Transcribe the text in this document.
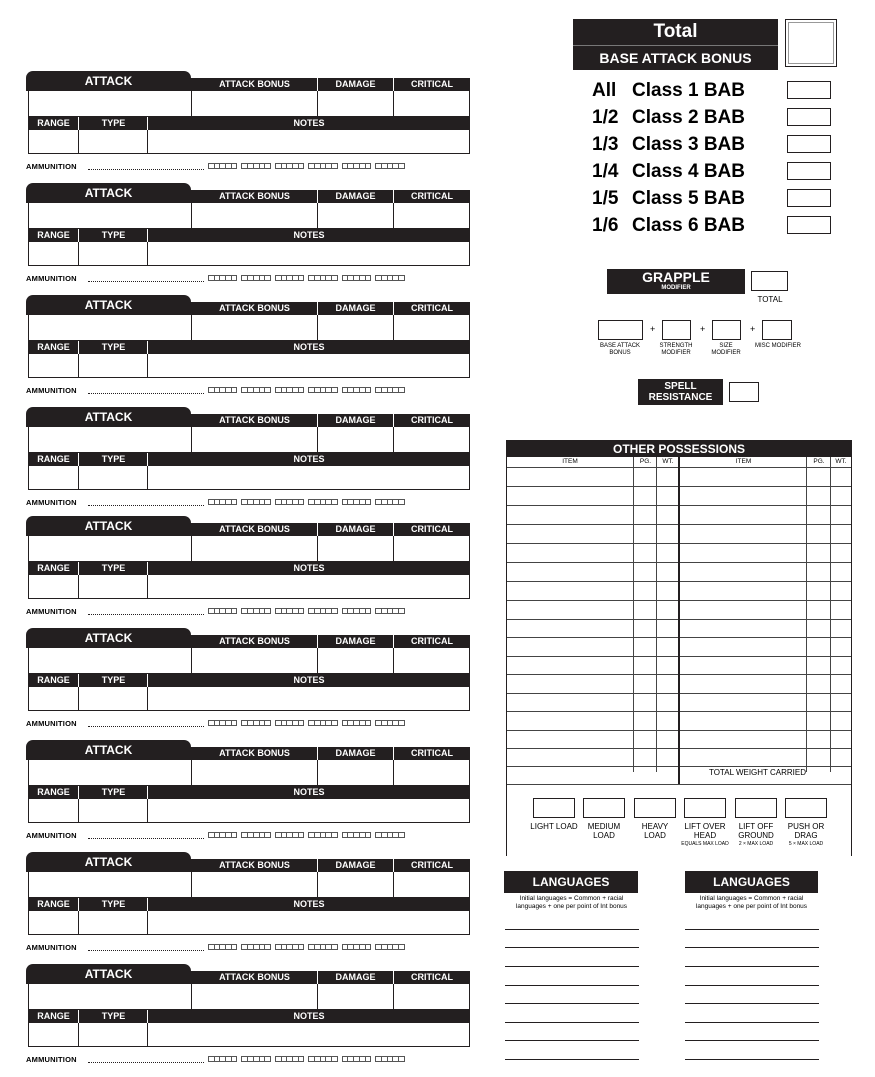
ATTACK	ATTACK BONUS	DAMAGE	CRITICAL
RANGE	TYPE	NOTES
AMMUNITION
ATTACK	ATTACK BONUS	DAMAGE	CRITICAL
RANGE	TYPE	NOTES
AMMUNITION
ATTACK	ATTACK BONUS	DAMAGE	CRITICAL
RANGE	TYPE	NOTES
AMMUNITION
ATTACK	ATTACK BONUS	DAMAGE	CRITICAL
RANGE	TYPE	NOTES
AMMUNITION
ATTACK	ATTACK BONUS	DAMAGE	CRITICAL
RANGE	TYPE	NOTES
AMMUNITION
ATTACK	ATTACK BONUS	DAMAGE	CRITICAL
RANGE	TYPE	NOTES
AMMUNITION
ATTACK	ATTACK BONUS	DAMAGE	CRITICAL
RANGE	TYPE	NOTES
AMMUNITION
ATTACK	ATTACK BONUS	DAMAGE	CRITICAL
RANGE	TYPE	NOTES
AMMUNITION
ATTACK	ATTACK BONUS	DAMAGE	CRITICAL
RANGE	TYPE	NOTES
AMMUNITION
Total
BASE ATTACK BONUS
All Class 1 BAB
1/2 Class 2 BAB
1/3 Class 3 BAB
1/4 Class 4 BAB
1/5 Class 5 BAB
1/6 Class 6 BAB
GRAPPLE
MODIFIER
TOTAL
+	+	+
BASE ATTACK BONUS
STRENGTH MODIFIER
SIZE MODIFIER
MISC MODIFIER
SPELL
RESISTANCE
OTHER POSSESSIONS
ITEM	PG.	WT.	ITEM	PG.	WT.
TOTAL WEIGHT CARRIED
LIGHT LOAD	MEDIUM LOAD
HEAVY LOAD
LIFT OVER HEAD
EQUALS MAX LOAD
LIFT OFF GROUND
2 × MAX LOAD
PUSH OR DRAG
5 × MAX LOAD
LANGUAGES
Initial languages = Common + racial languages + one per point of Int bonus
LANGUAGES
Initial languages = Common + racial languages + one per point of Int bonus
